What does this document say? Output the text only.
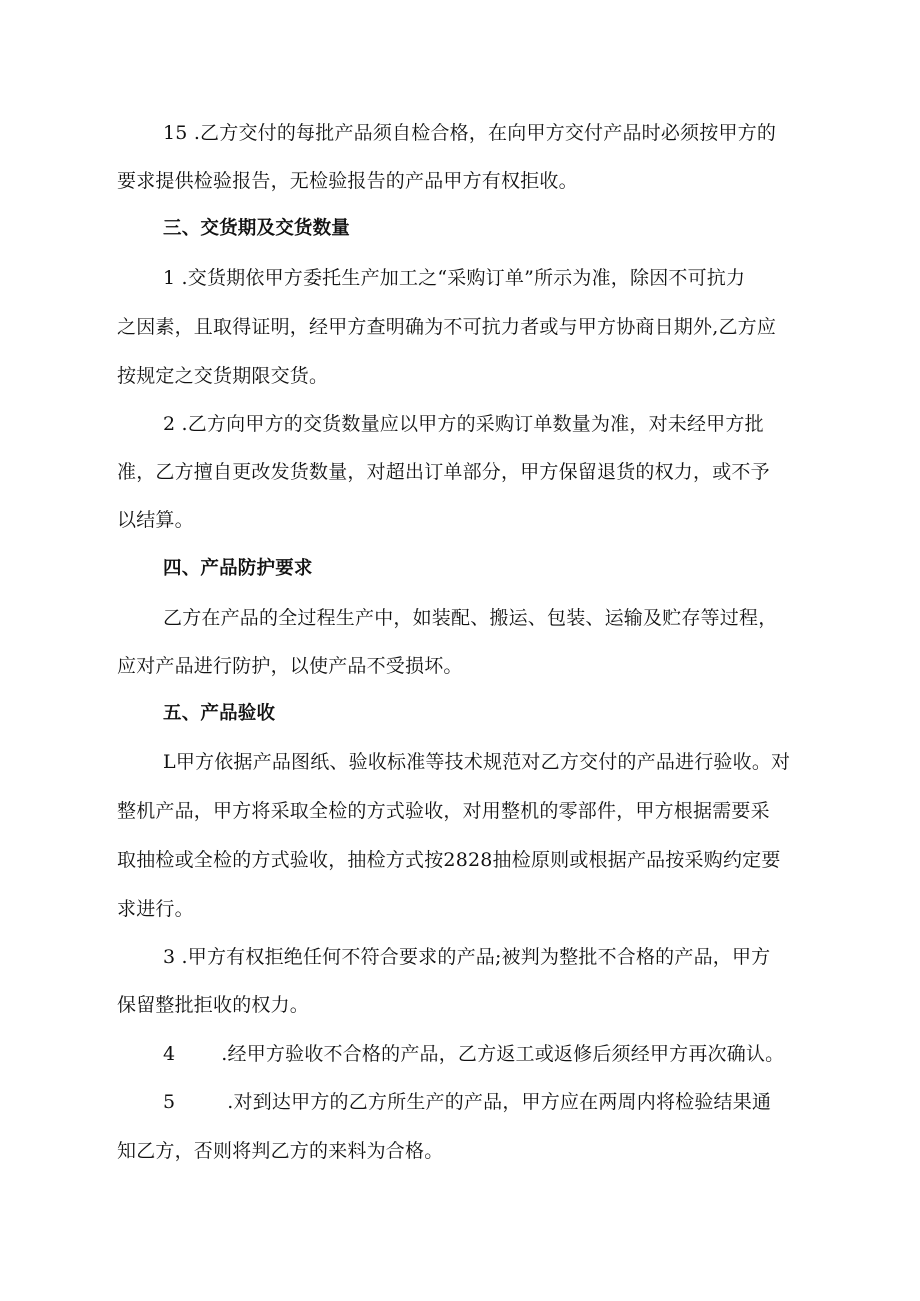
15 .乙方交付的每批产品须自检合格，在向甲方交付产品时必须按甲方的
要求提供检验报告，无检验报告的产品甲方有权拒收。
三、交货期及交货数量
1 .交货期依甲方委托生产加工之“采购订单”所示为准，除因不可抗力
之因素，且取得证明，经甲方查明确为不可抗力者或与甲方协商日期外,乙方应
按规定之交货期限交货。
2 .乙方向甲方的交货数量应以甲方的采购订单数量为准，对未经甲方批
准，乙方擅自更改发货数量，对超出订单部分，甲方保留退货的权力，或不予
以结算。
四、产品防护要求
乙方在产品的全过程生产中，如装配、搬运、包装、运输及贮存等过程，
应对产品进行防护，以使产品不受损坏。
五、产品验收
L甲方依据产品图纸、验收标准等技术规范对乙方交付的产品进行验收。对
整机产品，甲方将采取全检的方式验收，对用整机的零部件，甲方根据需要采
取抽检或全检的方式验收，抽检方式按2828抽检原则或根据产品按采购约定要
求进行。
3 .甲方有权拒绝任何不符合要求的产品;被判为整批不合格的产品，甲方
保留整批拒收的权力。
4 .经甲方验收不合格的产品，乙方返工或返修后须经甲方再次确认。
5	.对到达甲方的乙方所生产的产品，甲方应在两周内将检验结果通
知乙方，否则将判乙方的来料为合格。
